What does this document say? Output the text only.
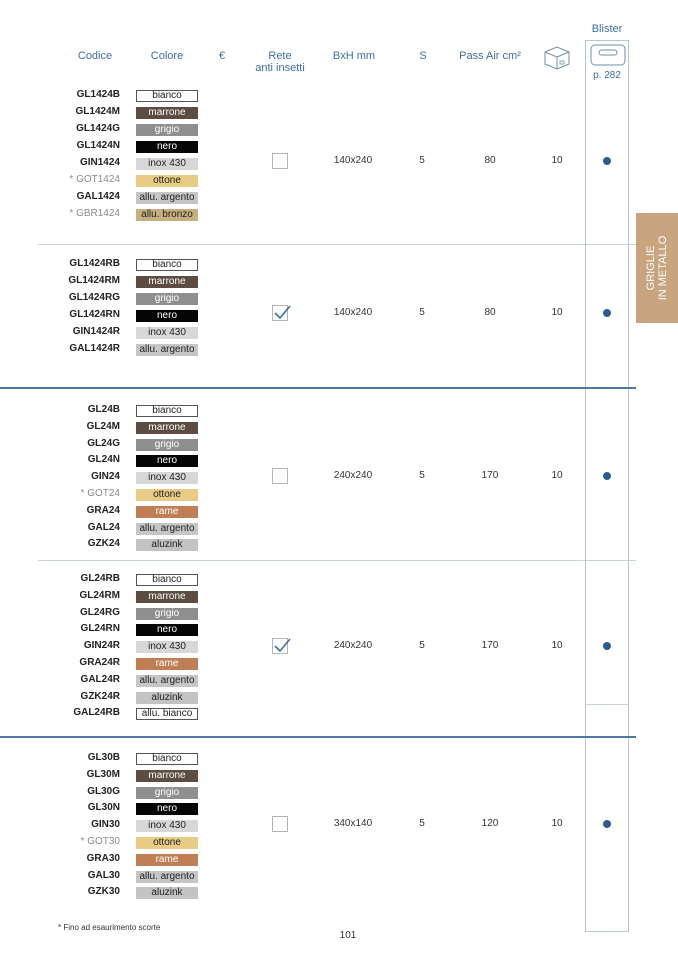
Codice	Colore	€	Rete
anti insetti
BxH mm	S	Pass Air cm²
Blister
p. 282
GRIGLIE IN METALLO
GL1424B	bianco
GL1424M	marrone
GL1424G	grigio
GL1424N	nero
GIN1424	inox 430
* GOT1424	ottone
GAL1424	allu. argento
* GBR1424	allu. bronzo
140x240	5	80	10
GL1424RB	bianco
GL1424RM	marrone
GL1424RG	grigio
GL1424RN	nero
GIN1424R	inox 430
GAL1424R	allu. argento
140x240	5	80	10
GL24B	bianco
GL24M	marrone
GL24G	grigio
GL24N	nero
GIN24	inox 430
* GOT24	ottone
GRA24	rame
GAL24	allu. argento
GZK24	aluzink
240x240	5	170	10
GL24RB	bianco
GL24RM	marrone
GL24RG	grigio
GL24RN	nero
GIN24R	inox 430
GRA24R	rame
GAL24R	allu. argento
GZK24R	aluzink
GAL24RB	allu. bianco
240x240	5	170	10
GL30B	bianco
GL30M	marrone
GL30G	grigio
GL30N	nero
GIN30	inox 430
* GOT30	ottone
GRA30	rame
GAL30	allu. argento
GZK30	aluzink
340x140	5	120	10
* Fino ad esaurimento scorte
101
